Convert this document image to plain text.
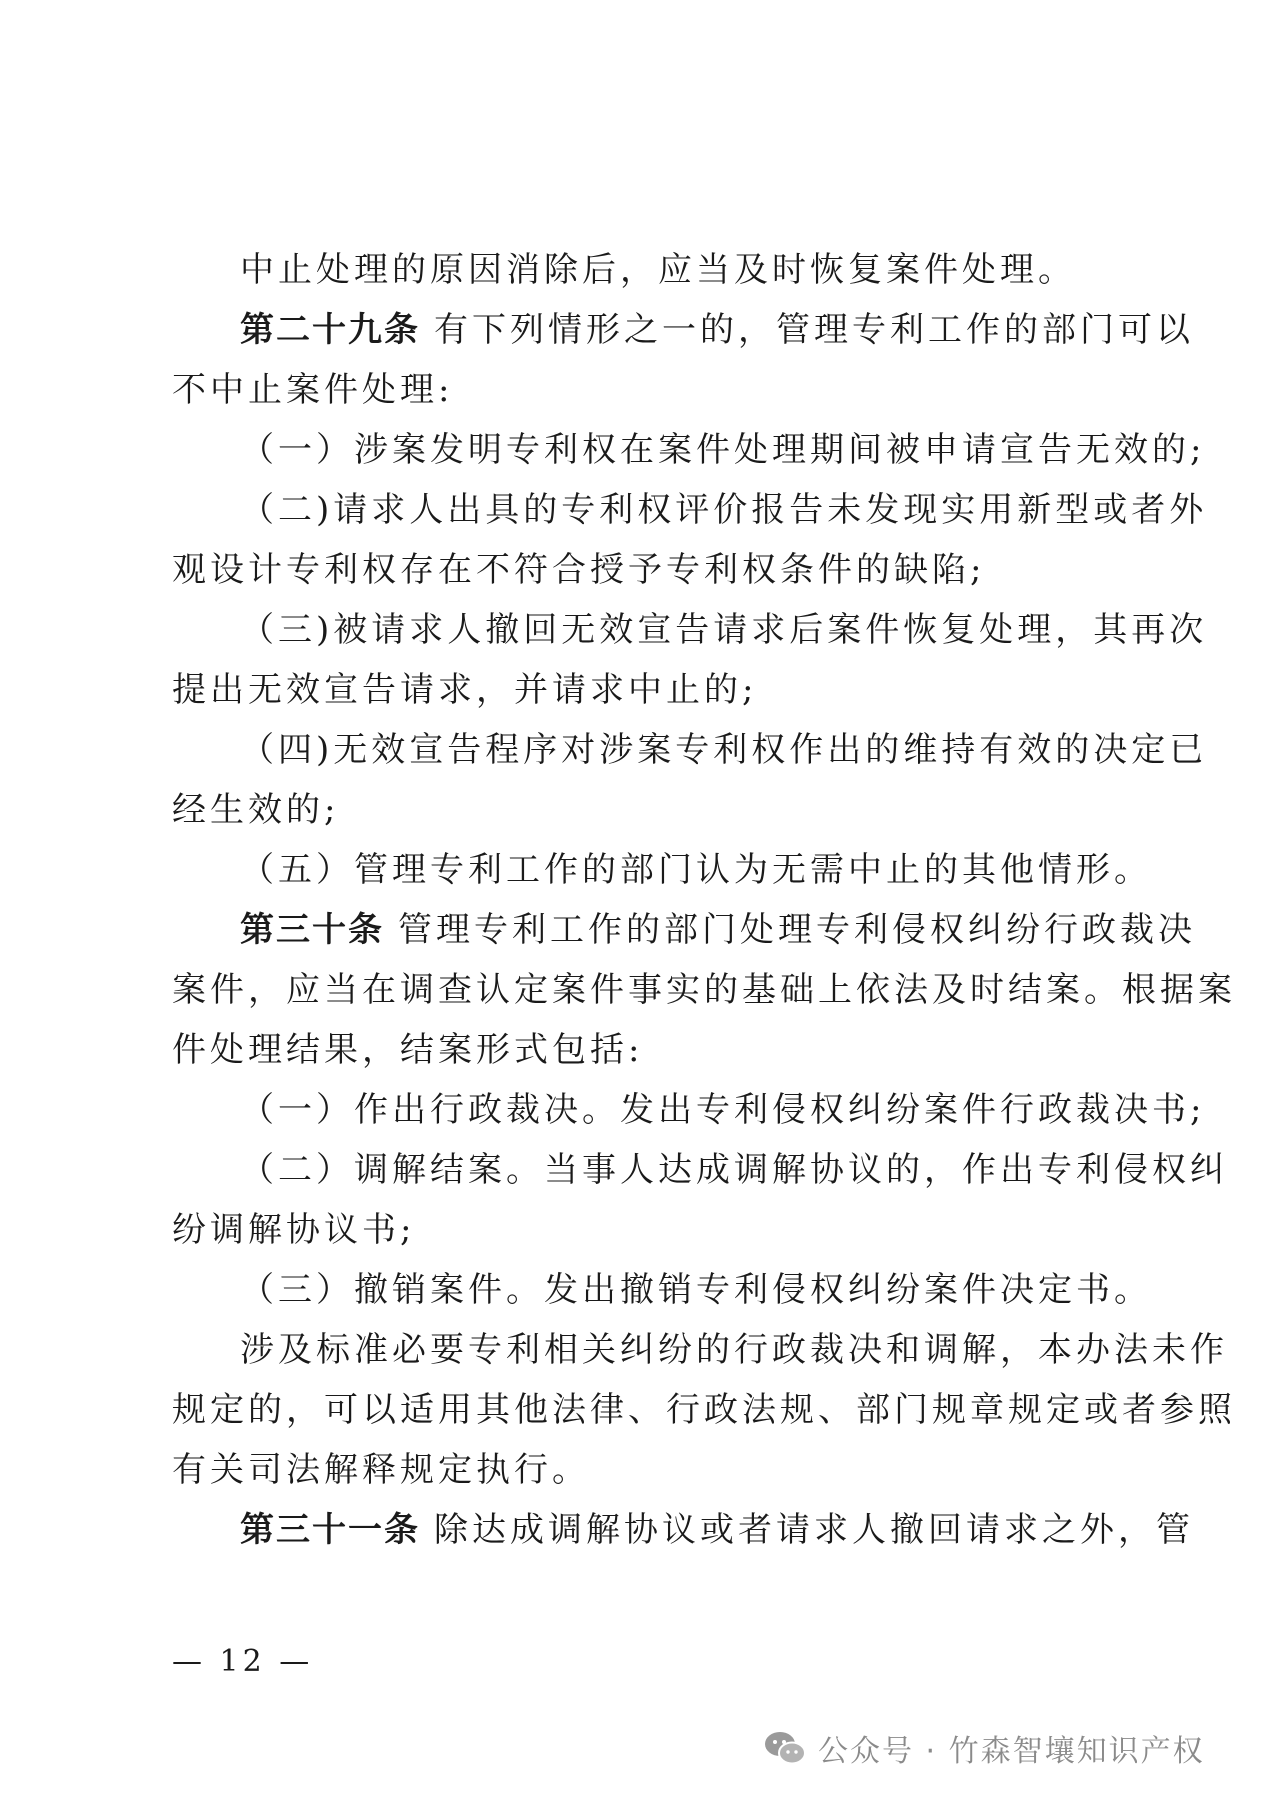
中止处理的原因消除后，应当及时恢复案件处理。

第二十九条 有下列情形之一的，管理专利工作的部门可以

不中止案件处理:

（一）涉案发明专利权在案件处理期间被申请宣告无效的;

（二)请求人出具的专利权评价报告未发现实用新型或者外

观设计专利权存在不符合授予专利权条件的缺陷;

（三)被请求人撤回无效宣告请求后案件恢复处理，其再次

提出无效宣告请求，并请求中止的;

（四)无效宣告程序对涉案专利权作出的维持有效的决定已

经生效的;

（五）管理专利工作的部门认为无需中止的其他情形。

第三十条 管理专利工作的部门处理专利侵权纠纷行政裁决

案件，应当在调查认定案件事实的基础上依法及时结案。根据案

件处理结果，结案形式包括:

（一）作出行政裁决。发出专利侵权纠纷案件行政裁决书;

（二）调解结案。当事人达成调解协议的，作出专利侵权纠

纷调解协议书;

（三）撤销案件。发出撤销专利侵权纠纷案件决定书。

涉及标准必要专利相关纠纷的行政裁决和调解，本办法未作

规定的，可以适用其他法律、行政法规、部门规章规定或者参照

有关司法解释规定执行。

第三十一条 除达成调解协议或者请求人撤回请求之外，管

— 12 —
公众号 · 竹森智壤知识产权
